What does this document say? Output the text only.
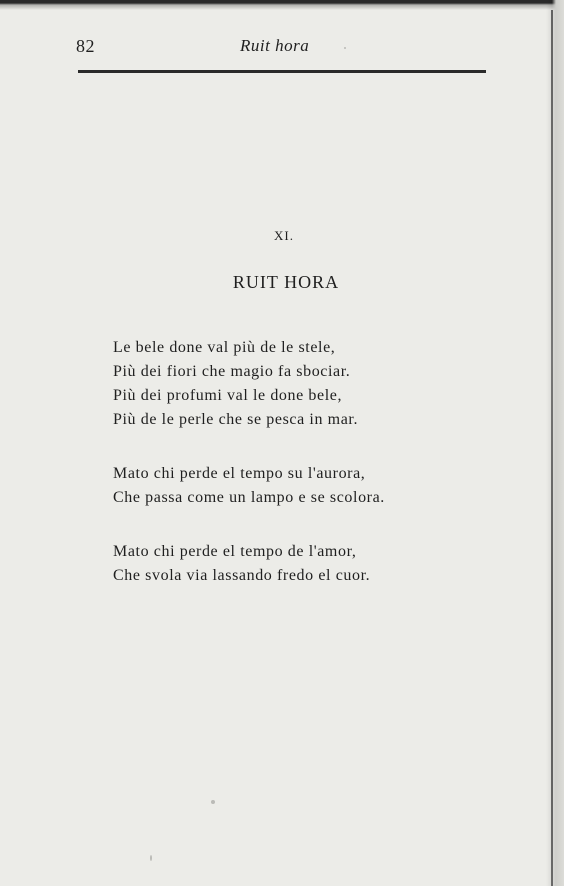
82	Ruit hora
XI.
RUIT HORA
Le bele done val più de le stele,
Più dei fiori che magio fa sbociar.
Più dei profumi val le done bele,
Più de le perle che se pesca in mar.
Mato chi perde el tempo su l'aurora,
Che passa come un lampo e se scolora.
Mato chi perde el tempo de l'amor,
Che svola via lassando fredo el cuor.
